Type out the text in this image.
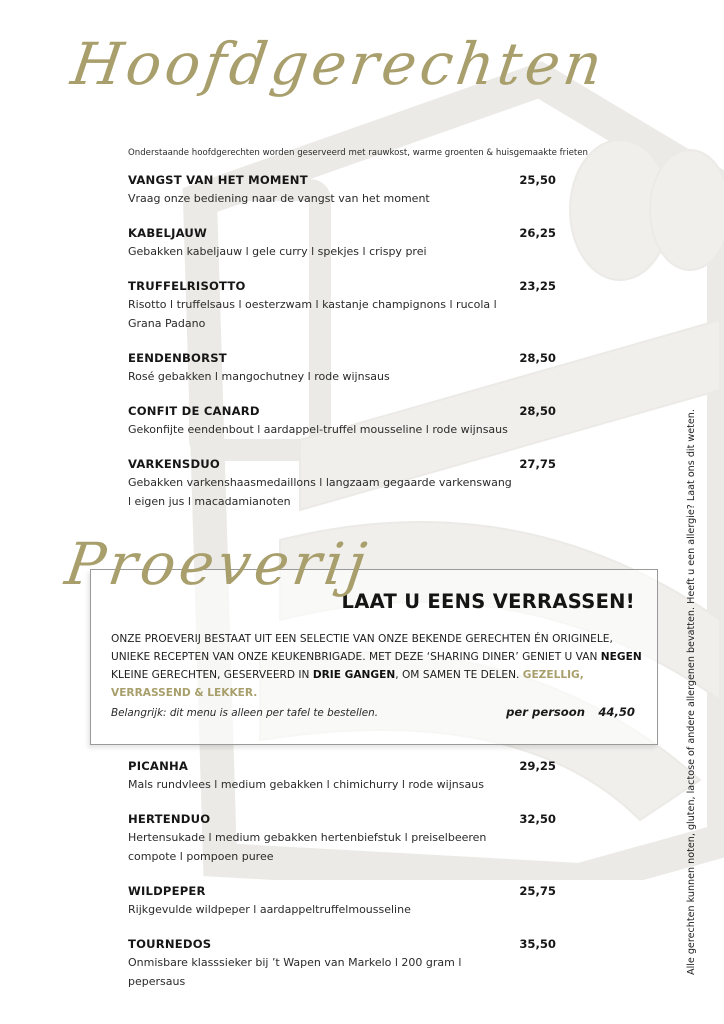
Hoofdgerechten
Onderstaande hoofdgerechten worden geserveerd met rauwkost, warme groenten & huisgemaakte frieten
VANGST VAN HET MOMENT	25,50
Vraag onze bediening naar de vangst van het moment
KABELJAUW	26,25
Gebakken kabeljauw l gele curry l spekjes l crispy prei
TRUFFELRISOTTO	23,25
Risotto l truffelsaus l oesterzwam l kastanje champignons l rucola l Grana Padano
EENDENBORST	28,50
Rosé gebakken l mangochutney l rode wijnsaus
CONFIT DE CANARD	28,50
Gekonfijte eendenbout l aardappel-truffel mousseline l rode wijnsaus
VARKENSDUO	27,75
Gebakken varkenshaasmedaillons l langzaam gegaarde varkenswang l eigen jus l macadamianoten
LAAT U EENS VERRASSEN!
ONZE PROEVERIJ BESTAAT UIT EEN SELECTIE VAN ONZE BEKENDE GERECHTEN ÉN ORIGINELE, UNIEKE RECEPTEN VAN ONZE KEUKENBRIGADE. MET DEZE ‘SHARING DINER’ GENIET U VAN NEGEN KLEINE GERECHTEN, GESERVEERD IN DRIE GANGEN, OM SAMEN TE DELEN. GEZELLIG, VERRASSEND & LEKKER.
Belangrijk: dit menu is alleen per tafel te bestellen.	per persoon 44,50
Proeverij
PICANHA	29,25
Mals rundvlees l medium gebakken l chimichurry l rode wijnsaus
HERTENDUO	32,50
Hertensukade l medium gebakken hertenbiefstuk l preiselbeeren compote l pompoen puree
WILDPEPER	25,75
Rijkgevulde wildpeper l aardappeltruffelmousseline
TOURNEDOS	35,50
Onmisbare klasssieker bij ’t Wapen van Markelo l 200 gram l pepersaus
Alle gerechten kunnen noten, gluten, lactose of andere allergenen bevatten. Heeft u een allergie? Laat ons dit weten.
